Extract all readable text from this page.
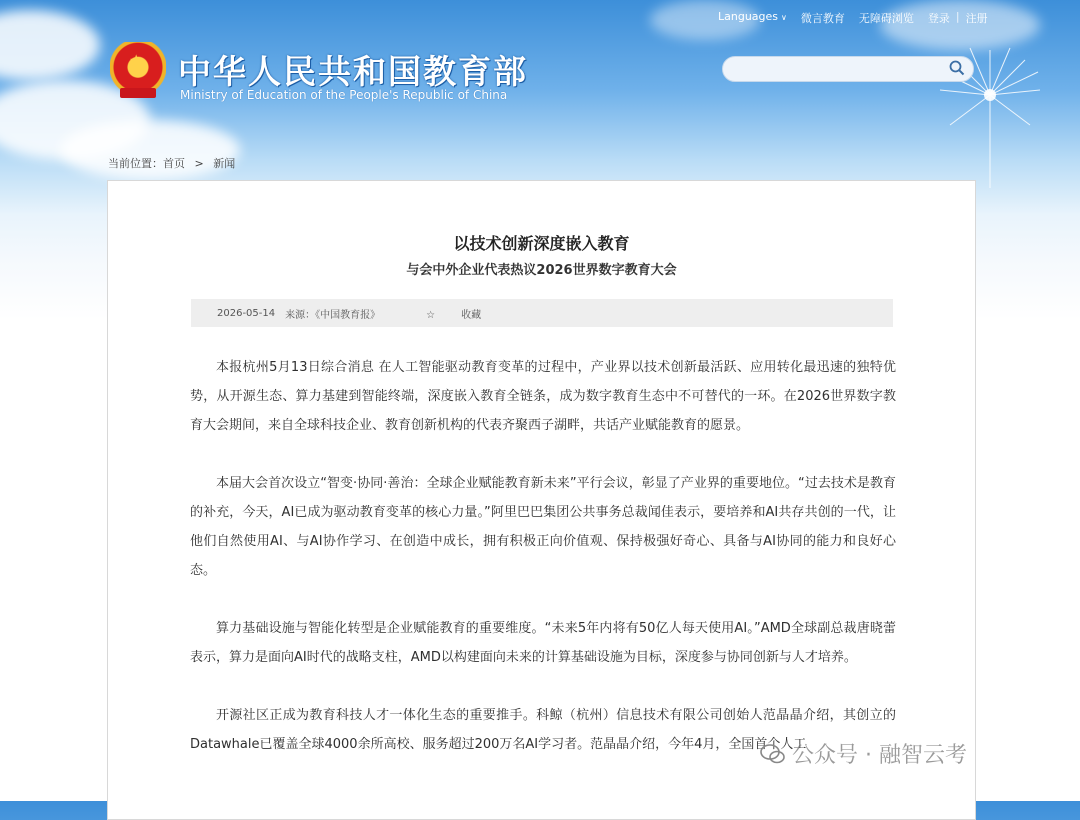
★ 中华人民共和国教育部
Ministry of Education of the People's Republic of China
Languages ∨ 微言教育 无障碍浏览 登录 | 注册
当前位置：首页 > 新闻
以技术创新深度嵌入教育
与会中外企业代表热议2026世界数字教育大会
2026-05-14 来源：《中国教育报》	☆	收藏

本报杭州5月13日综合消息 在人工智能驱动教育变革的过程中，产业界以技术创新最活跃、应用转化最迅速的独特优势，从开源生态、算力基建到智能终端，深度嵌入教育全链条，成为数字教育生态中不可替代的一环。在2026世界数字教育大会期间，来自全球科技企业、教育创新机构的代表齐聚西子湖畔，共话产业赋能教育的愿景。

本届大会首次设立“智变·协同·善治：全球企业赋能教育新未来”平行会议，彰显了产业界的重要地位。“过去技术是教育的补充，今天，AI已成为驱动教育变革的核心力量。”阿里巴巴集团公共事务总裁闻佳表示，要培养和AI共存共创的一代，让他们自然使用AI、与AI协作学习、在创造中成长，拥有积极正向价值观、保持极强好奇心、具备与AI协同的能力和良好心态。

算力基础设施与智能化转型是企业赋能教育的重要维度。“未来5年内将有50亿人每天使用AI。”AMD全球副总裁唐晓蕾表示，算力是面向AI时代的战略支柱，AMD以构建面向未来的计算基础设施为目标，深度参与协同创新与人才培养。

开源社区正成为教育科技人才一体化生态的重要推手。科鲸（杭州）信息技术有限公司创始人范晶晶介绍，其创立的Datawhale已覆盖全球4000余所高校、服务超过200万名AI学习者。范晶晶介绍，今年4月，全国首个人工

公众号 · 融智云考
